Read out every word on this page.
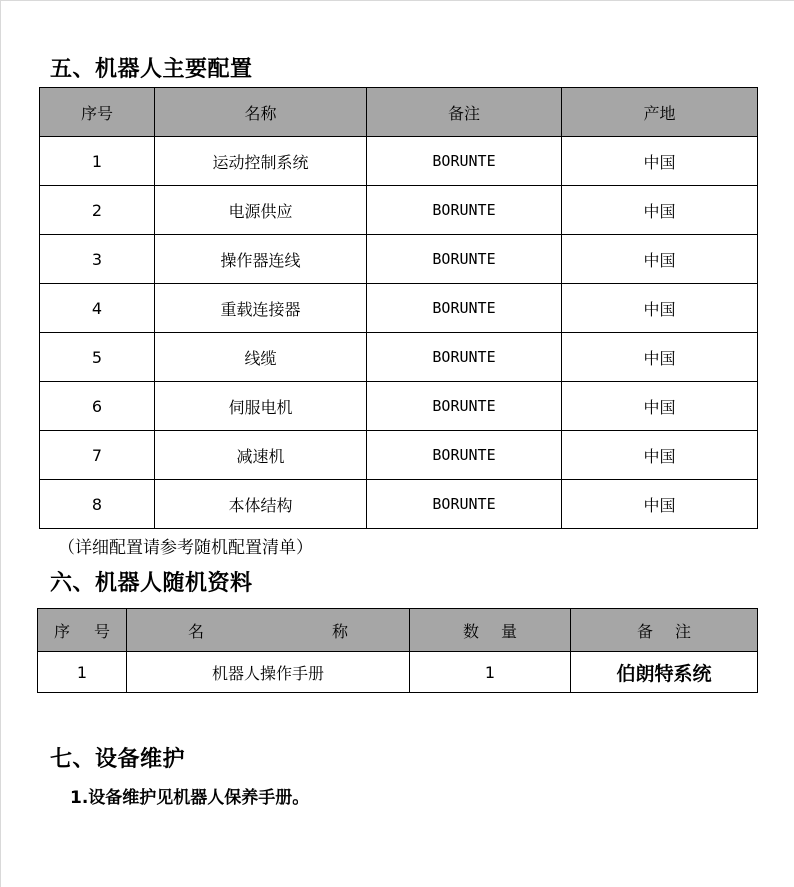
五、机器人主要配置
序号	名称	备注	产地
1	运动控制系统	BORUNTE	中国
2	电源供应	BORUNTE	中国
3	操作器连线	BORUNTE	中国
4	重载连接器	BORUNTE	中国
5	线缆	BORUNTE	中国
6	伺服电机	BORUNTE	中国
7	减速机	BORUNTE	中国
8	本体结构	BORUNTE	中国
（详细配置请参考随机配置清单）
六、机器人随机资料
序 号	名 称	数 量	备 注
1	机器人操作手册	1	伯朗特系统
七、设备维护
1.设备维护见机器人保养手册。
